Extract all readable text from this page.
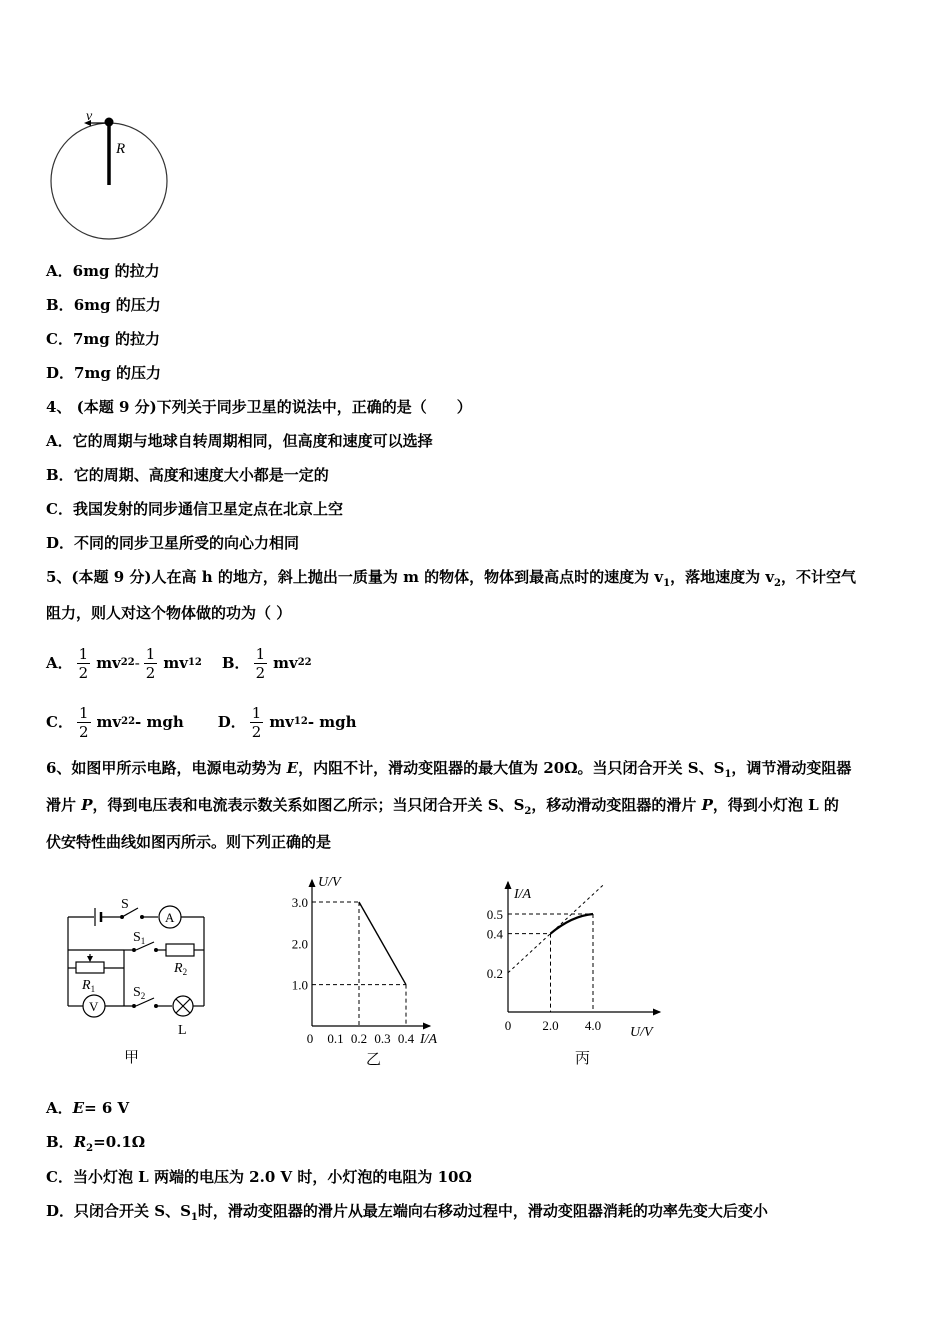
v
R
A．6mg 的拉力
B．6mg 的压力
C．7mg 的拉力
D．7mg 的压力
4、 (本题 9 分)下列关于同步卫星的说法中，正确的是（　　）
A．它的周期与地球自转周期相同，但高度和速度可以选择
B．它的周期、高度和速度大小都是一定的
C．我国发射的同步通信卫星定点在北京上空
D．不同的同步卫星所受的向心力相同
5、(本题 9 分)人在高 h 的地方，斜上抛出一质量为 m 的物体，物体到最高点时的速度为 $v_1$，落地速度为 $v_2$，不计空气
阻力，则人对这个物体做的功为（ ）
A． $\frac{1}{2}$ mv 2 $2 - \frac{1}{2}$ mv 1 2 B． $\frac{1}{2}$ mv 2 2
C． $\frac{1}{2}$ mv 2 2 - mgh D． $\frac{1}{2}$ mv 1 2 - mgh
6、如图甲所示电路，电源电动势为 E，内阻不计，滑动变阻器的最大值为 20Ω。当只闭合开关 S、$S_1$，调节滑动变阻器
滑片 P，得到电压表和电流表示数关系如图乙所示；当只闭合开关 S、$S_2$，移动滑动变阻器的滑片 P，得到小灯泡 L 的
伏安特性曲线如图丙所示。则下列正确的是
S
A
$S_1$
$R_2$
$R_1$	$S_2$
V
L
甲
U/V
I/A
0 0.1 0.2 0.3 0.4
1.0
2.0
3.0
乙
I/A
U/V
0 2.0 4.0
0.2
0.4
0.5
丙
A．E= 6 V
B．$R_2=0.1\Omega$
C．当小灯泡 L 两端的电压为 2.0 V 时，小灯泡的电阻为 10Ω
D．只闭合开关 S、$S_1$时，滑动变阻器的滑片从最左端向右移动过程中，滑动变阻器消耗的功率先变大后变小
